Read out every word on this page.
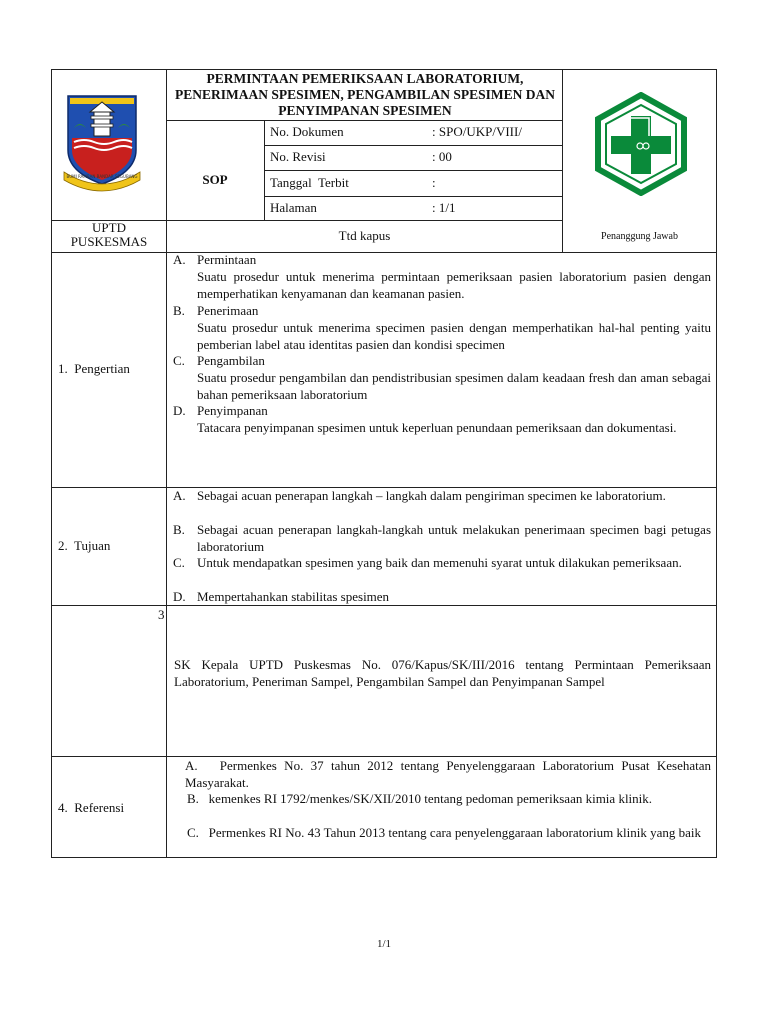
BUMI RAMBAN BANDAR SEGUBANG
PERMINTAAN PEMERIKSAAN LABORATORIUM, PENERIMAAN SPESIMEN, PENGAMBILAN SPESIMEN DAN PENYIMPANAN SPESIMEN
SOP
No. Dokumen	: SPO/UKP/VIII/
No. Revisi	: 00
Tanggal  Terbit	:
Halaman	: 1/1
UPTD
PUSKESMAS	Ttd kapus	Penanggung Jawab
1.  Pengertian
A. Permintaan
Suatu prosedur untuk menerima permintaan pemeriksaan pasien laboratorium pasien dengan memperhatikan kenyamanan dan keamanan pasien.
B. Penerimaan
Suatu prosedur untuk menerima specimen pasien dengan memperhatikan hal-hal penting yaitu pemberian label atau identitas pasien dan kondisi specimen
C. Pengambilan
Suatu prosedur pengambilan dan pendistribusian spesimen dalam keadaan fresh dan aman sebagai bahan pemeriksaan laboratorium
D. Penyimpanan
Tatacara penyimpanan spesimen untuk keperluan penundaan pemeriksaan dan dokumentasi.
2.  Tujuan
A. Sebagai acuan penerapan langkah – langkah dalam pengiriman specimen ke laboratorium.
B. Sebagai acuan penerapan langkah-langkah untuk melakukan penerimaan specimen bagi petugas laboratorium
C. Untuk mendapatkan spesimen yang baik dan memenuhi syarat untuk dilakukan pemeriksaan.
D. Mempertahankan stabilitas spesimen
3
SK Kepala UPTD Puskesmas No. 076/Kapus/SK/III/2016 tentang Permintaan Pemeriksaan Laboratorium, Peneriman Sampel, Pengambilan Sampel dan Penyimpanan Sampel
4.  Referensi
A. Permenkes No. 37 tahun 2012 tentang Penyelenggaraan Laboratorium Pusat Kesehatan Masyarakat.
B. kemenkes RI 1792/menkes/SK/XII/2010 tentang pedoman pemeriksaan kimia klinik.
C. Permenkes RI No. 43 Tahun 2013 tentang cara penyelenggaraan laboratorium klinik yang baik
1/1
